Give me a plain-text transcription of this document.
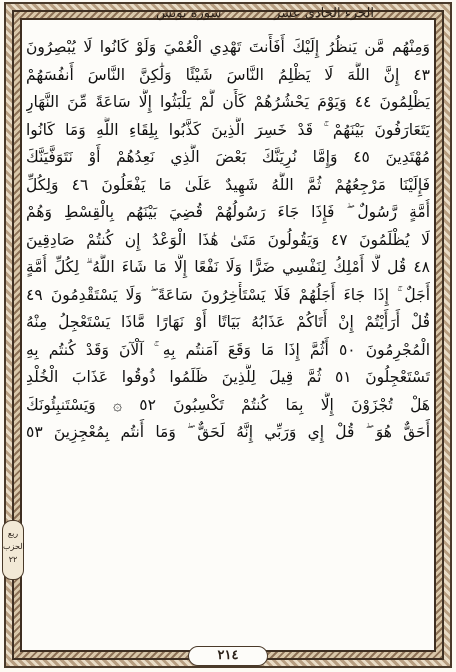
الجزء الحادي عشر
سورة يونس
وَمِنْهُم مَّن يَنظُرُ إِلَيْكَ أَفَأَنتَ تَهْدِي الْعُمْيَ وَلَوْ كَانُوا لَا يُبْصِرُونَ
٤٣ إِنَّ اللَّهَ لَا يَظْلِمُ النَّاسَ شَيْئًا وَلَٰكِنَّ النَّاسَ أَنفُسَهُمْ
يَظْلِمُونَ ٤٤ وَيَوْمَ يَحْشُرُهُمْ كَأَن لَّمْ يَلْبَثُوا إِلَّا سَاعَةً مِّنَ النَّهَارِ
يَتَعَارَفُونَ بَيْنَهُمْ ۚ قَدْ خَسِرَ الَّذِينَ كَذَّبُوا بِلِقَاءِ اللَّهِ وَمَا كَانُوا
مُهْتَدِينَ ٤٥ وَإِمَّا نُرِيَنَّكَ بَعْضَ الَّذِي نَعِدُهُمْ أَوْ نَتَوَفَّيَنَّكَ
فَإِلَيْنَا مَرْجِعُهُمْ ثُمَّ اللَّهُ شَهِيدٌ عَلَىٰ مَا يَفْعَلُونَ ٤٦ وَلِكُلِّ
أُمَّةٍ رَّسُولٌ ۖ فَإِذَا جَاءَ رَسُولُهُمْ قُضِيَ بَيْنَهُم بِالْقِسْطِ وَهُمْ
لَا يُظْلَمُونَ ٤٧ وَيَقُولُونَ مَتَىٰ هَٰذَا الْوَعْدُ إِن كُنتُمْ صَادِقِينَ
٤٨ قُل لَّا أَمْلِكُ لِنَفْسِي ضَرًّا وَلَا نَفْعًا إِلَّا مَا شَاءَ اللَّهُ ۗ لِكُلِّ أُمَّةٍ
أَجَلٌ ۚ إِذَا جَاءَ أَجَلُهُمْ فَلَا يَسْتَأْخِرُونَ سَاعَةً ۖ وَلَا يَسْتَقْدِمُونَ ٤٩
قُلْ أَرَأَيْتُمْ إِنْ أَتَاكُمْ عَذَابُهُ بَيَاتًا أَوْ نَهَارًا مَّاذَا يَسْتَعْجِلُ مِنْهُ
الْمُجْرِمُونَ ٥٠ أَثُمَّ إِذَا مَا وَقَعَ آمَنتُم بِهِ ۚ آلْآنَ وَقَدْ كُنتُم بِهِ
تَسْتَعْجِلُونَ ٥١ ثُمَّ قِيلَ لِلَّذِينَ ظَلَمُوا ذُوقُوا عَذَابَ الْخُلْدِ
هَلْ تُجْزَوْنَ إِلَّا بِمَا كُنتُمْ تَكْسِبُونَ ٥٢ ۞ وَيَسْتَنبِئُونَكَ
أَحَقٌّ هُوَ ۖ قُلْ إِي وَرَبِّي إِنَّهُ لَحَقٌّ ۖ وَمَا أَنتُم بِمُعْجِزِينَ ٥٣
ربع الحزب ٢٢
٢١٤
